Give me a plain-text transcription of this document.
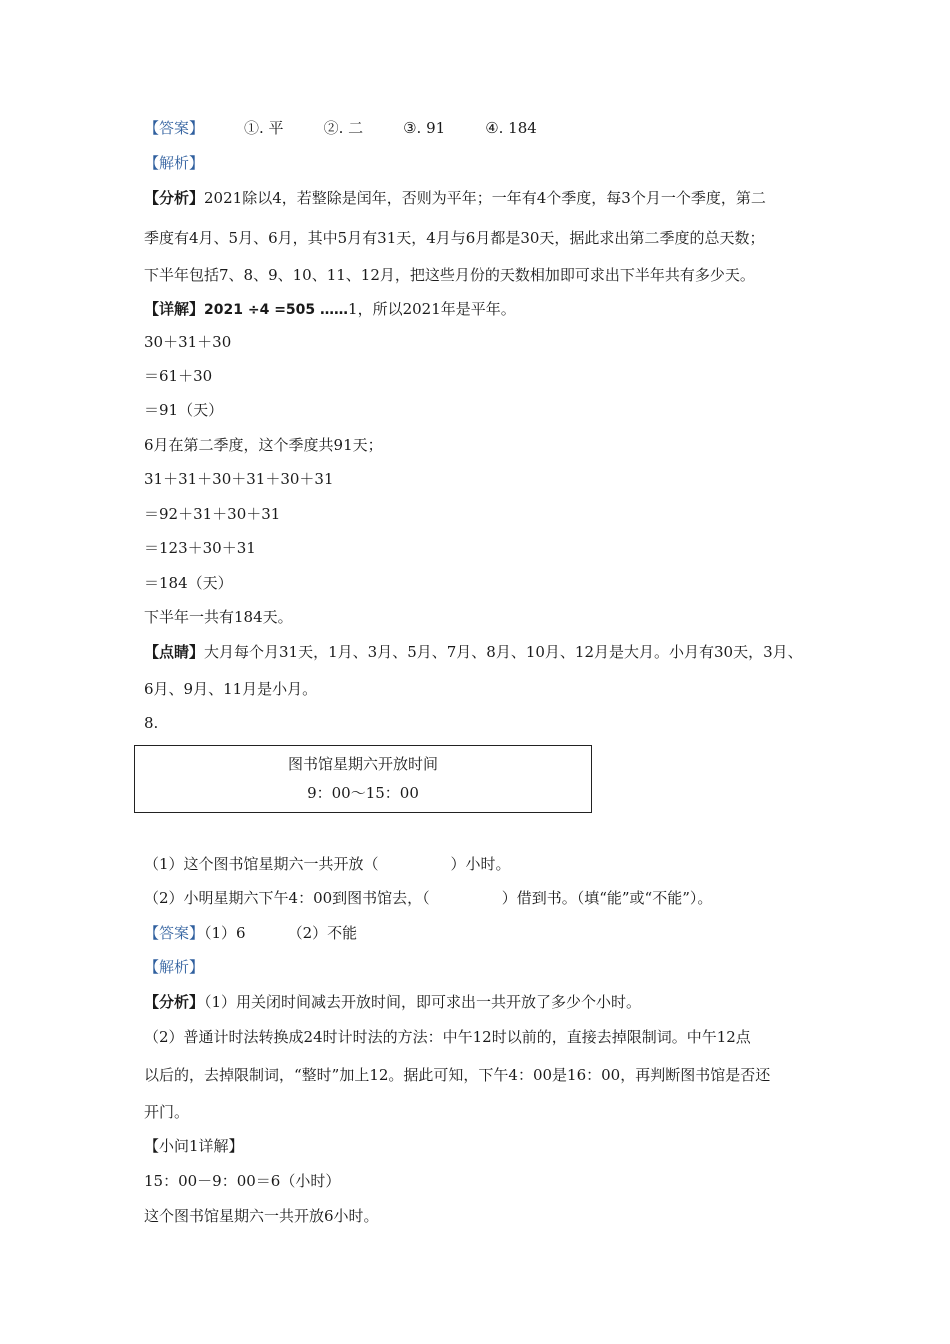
【答案】	①. 平	②. 二	③. 91	④. 184
【解析】
【分析】2021除以4，若整除是闰年，否则为平年；一年有4个季度，每3个月一个季度，第二
季度有4月、5月、6月，其中5月有31天，4月与6月都是30天，据此求出第二季度的总天数；
下半年包括7、8、9、10、11、12月，把这些月份的天数相加即可求出下半年共有多少天。
【详解】2021 ÷4 =505 ……1，所以2021年是平年。
30＋31＋30
＝61＋30
＝91（天）
6月在第二季度，这个季度共91天；
31＋31＋30＋31＋30＋31
＝92＋31＋30＋31
＝123＋30＋31
＝184（天）
下半年一共有184天。
【点睛】大月每个月31天，1月、3月、5月、7月、8月、10月、12月是大月。小月有30天，3月、
6月、9月、11月是小月。
8.
图书馆星期六开放时间
9：00～15：00
（1）这个图书馆星期六一共开放（	）小时。
（2）小明星期六下午4：00到图书馆去，（	）借到书。（填“能”或“不能”）。
【答案】（1）6	（2）不能
【解析】
【分析】（1）用关闭时间减去开放时间，即可求出一共开放了多少个小时。
（2）普通计时法转换成24时计时法的方法：中午12时以前的，直接去掉限制词。中午12点
以后的，去掉限制词，“整时”加上12。据此可知，下午4：00是16：00，再判断图书馆是否还
开门。
【小问1详解】
15：00－9：00＝6（小时）
这个图书馆星期六一共开放6小时。
